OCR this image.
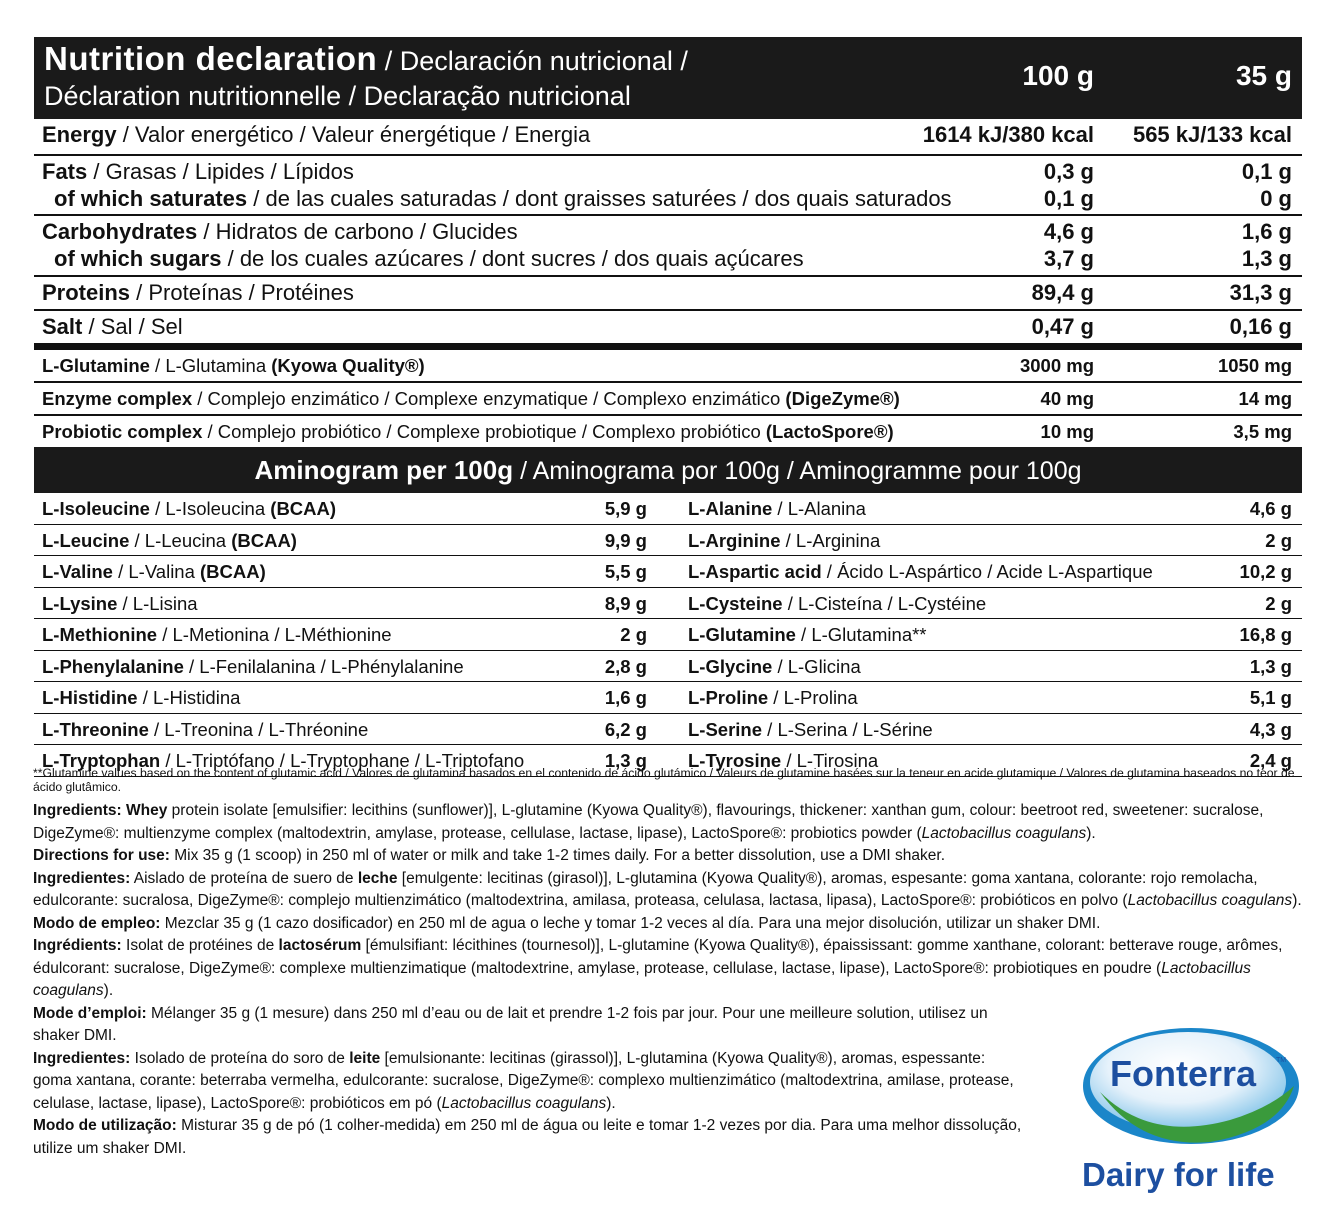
Nutrition declaration / Declaración nutricional /
Déclaration nutritionnelle / Declaração nutricional
100 g	35 g
Energy / Valor energético / Valeur énergétique / Energia	1614 kJ/380 kcal 565 kJ/133 kcal
Fats / Grasas / Lipides / Lípidos	0,3 g	0,1 g
of which saturates / de las cuales saturadas / dont graisses saturées / dos quais saturados	0,1 g	0 g
Carbohydrates / Hidratos de carbono / Glucides	4,6 g	1,6 g
of which sugars / de los cuales azúcares / dont sucres / dos quais açúcares	3,7 g	1,3 g
Proteins / Proteínas / Protéines	89,4 g	31,3 g
Salt / Sal / Sel	0,47 g	0,16 g
L-Glutamine / L-Glutamina (Kyowa Quality®)	3000 mg	1050 mg
Enzyme complex / Complejo enzimático / Complexe enzymatique / Complexo enzimático (DigeZyme®)	40 mg	14 mg
Probiotic complex / Complejo probiótico / Complexe probiotique / Complexo probiótico (LactoSpore®)	10 mg	3,5 mg
Aminogram per 100g / Aminograma por 100g / Aminogramme pour 100g
L-Isoleucine / L-Isoleucina (BCAA)	5,9 g L-Alanine / L-Alanina	4,6 g
L-Leucine / L-Leucina (BCAA)	9,9 g L-Arginine / L-Arginina	2 g
L-Valine / L-Valina (BCAA)	5,5 g L-Aspartic acid / Ácido L-Aspártico / Acide L-Aspartique	10,2 g
L-Lysine / L-Lisina	8,9 g L-Cysteine / L-Cisteína / L-Cystéine	2 g
L-Methionine / L-Metionina / L-Méthionine	2 g L-Glutamine / L-Glutamina**	16,8 g
L-Phenylalanine / L-Fenilalanina / L-Phénylalanine	2,8 g L-Glycine / L-Glicina	1,3 g
L-Histidine / L-Histidina	1,6 g L-Proline / L-Prolina	5,1 g
L-Threonine / L-Treonina / L-Thréonine	6,2 g L-Serine / L-Serina / L-Sérine	4,3 g
L-Tryptophan / L-Triptófano / L-Tryptophane / L-Triptofano	1,3 g L-Tyrosine / L-Tirosina	2,4 g

**Glutamine values based on the content of glutamic acid / Valores de glutamina basados en el contenido de ácido glutámico / Valeurs de glutamine basées sur la teneur en acide glutamique / Valores de glutamina baseados no teor de ácido glutâmico.

Ingredients: Whey protein isolate [emulsifier: lecithins (sunflower)], L-glutamine (Kyowa Quality®), flavourings, thickener: xanthan gum, colour: beetroot red, sweetener: sucralose, DigeZyme®: multienzyme complex (maltodextrin, amylase, protease, cellulase, lactase, lipase), LactoSpore®: probiotics powder (Lactobacillus coagulans).

Directions for use: Mix 35 g (1 scoop) in 250 ml of water or milk and take 1-2 times daily. For a better dissolution, use a DMI shaker.

Ingredientes: Aislado de proteína de suero de leche [emulgente: lecitinas (girasol)], L-glutamina (Kyowa Quality®), aromas, espesante: goma xantana, colorante: rojo remolacha, edulcorante: sucralosa, DigeZyme®: complejo multienzimático (maltodextrina, amilasa, proteasa, celulasa, lactasa, lipasa), LactoSpore®: probióticos en polvo (Lactobacillus coagulans).

Modo de empleo: Mezclar 35 g (1 cazo dosificador) en 250 ml de agua o leche y tomar 1-2 veces al día. Para una mejor disolución, utilizar un shaker DMI.

Ingrédients: Isolat de protéines de lactosérum [émulsifiant: lécithines (tournesol)], L-glutamine (Kyowa Quality®), épaississant: gomme xanthane, colorant: betterave rouge, arômes, édulcorant: sucralose, DigeZyme®: complexe multienzimatique (maltodextrine, amylase, protease, cellulase, lactase, lipase), LactoSpore®: probiotiques en poudre (Lactobacillus coagulans).

Mode d’emploi: Mélanger 35 g (1 mesure) dans 250 ml d’eau ou de lait et prendre 1-2 fois par jour. Pour une meilleure solution, utilisez un shaker DMI.

Ingredientes: Isolado de proteína do soro de leite [emulsionante: lecitinas (girassol)], L-glutamina (Kyowa Quality®), aromas, espessante: goma xantana, corante: beterraba vermelha, edulcorante: sucralose, DigeZyme®: complexo multienzimático (maltodextrina, amilase, protease, celulase, lactase, lipase), LactoSpore®: probióticos em pó (Lactobacillus coagulans).

Modo de utilização: Misturar 35 g de pó (1 colher-medida) em 250 ml de água ou leite e tomar 1-2 vezes por dia. Para uma melhor dissolução, utilize um shaker DMI.

Fonterra	TM
Dairy for life
